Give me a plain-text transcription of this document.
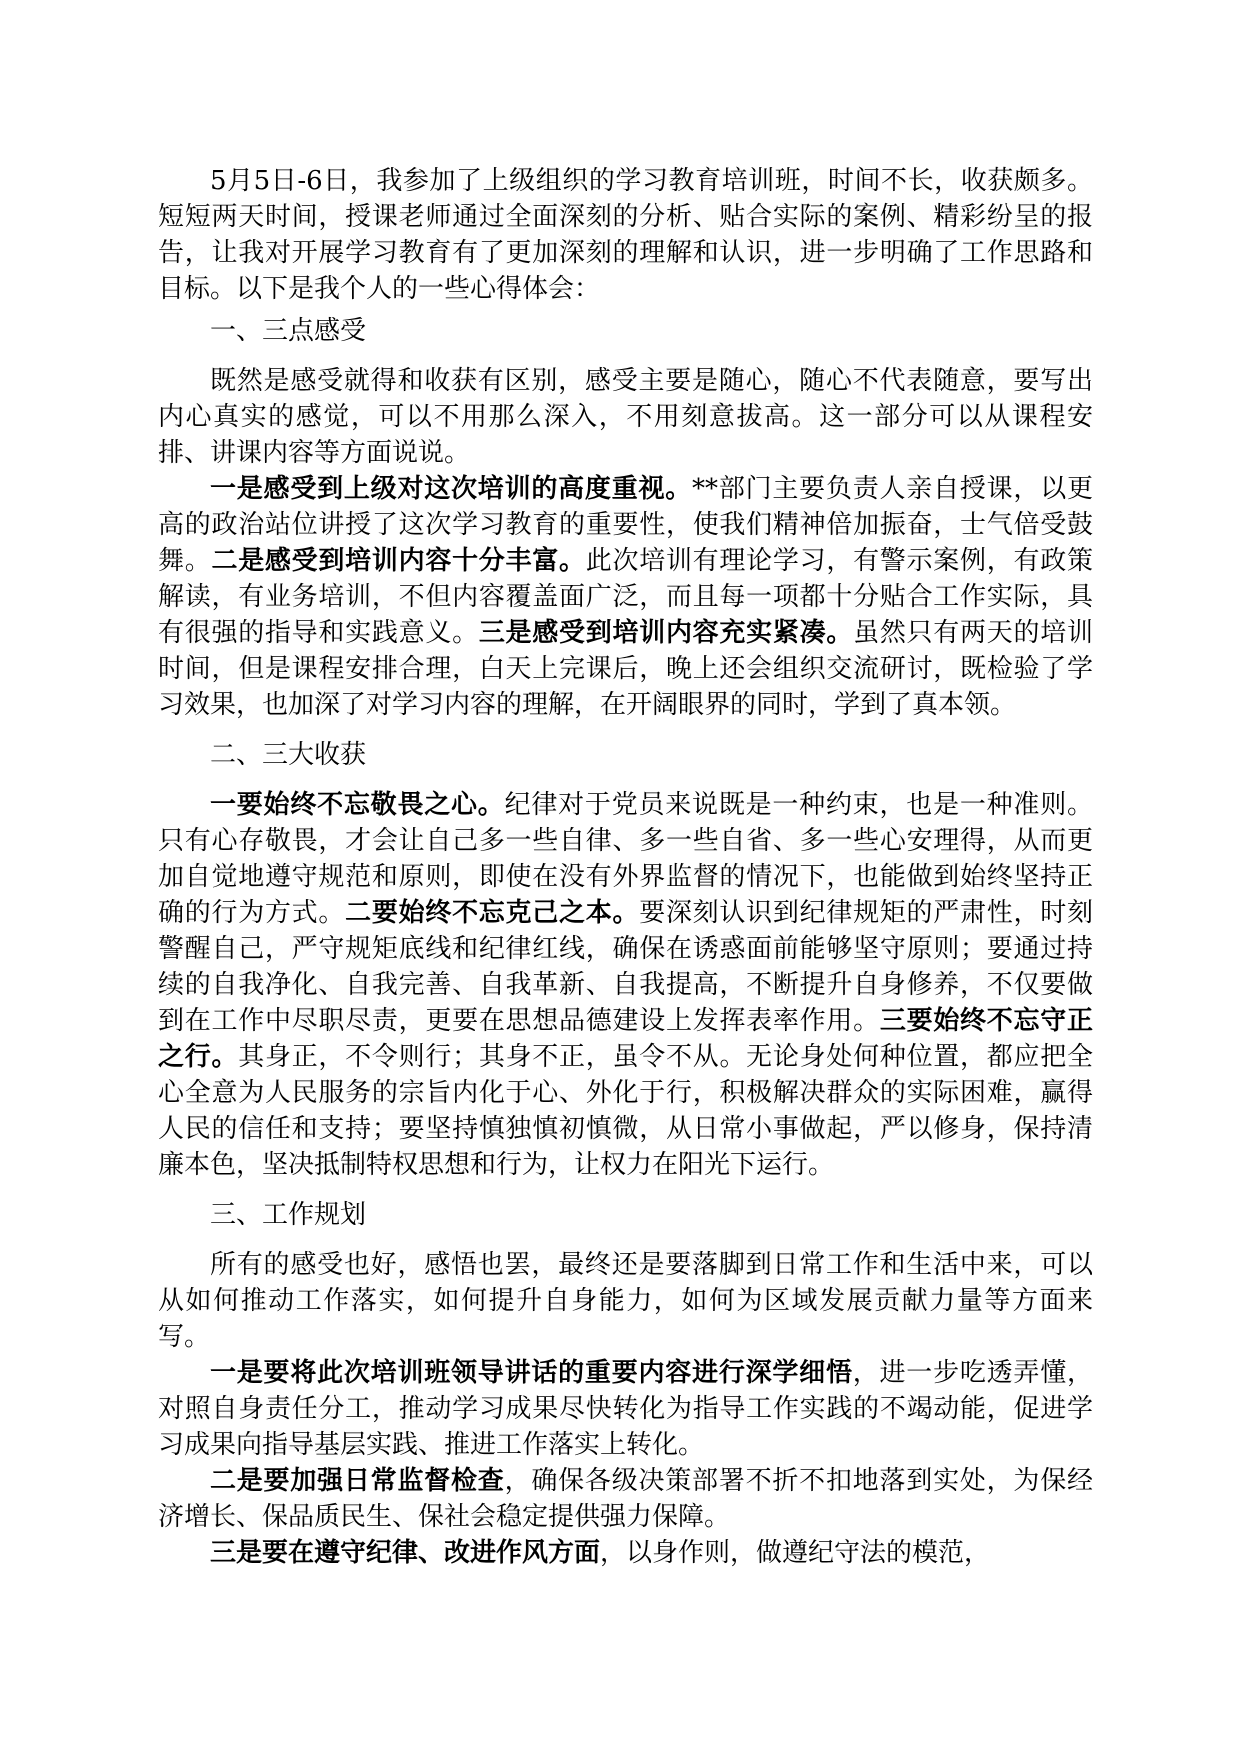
5月5日-6日，我参加了上级组织的学习教育培训班，时间不长，收获颇多。短短两天时间，授课老师通过全面深刻的分析、贴合实际的案例、精彩纷呈的报告，让我对开展学习教育有了更加深刻的理解和认识，进一步明确了工作思路和目标。以下是我个人的一些心得体会：

一、三点感受

既然是感受就得和收获有区别，感受主要是随心，随心不代表随意，要写出内心真实的感觉，可以不用那么深入，不用刻意拔高。这一部分可以从课程安排、讲课内容等方面说说。

一是感受到上级对这次培训的高度重视。**部门主要负责人亲自授课，以更高的政治站位讲授了这次学习教育的重要性，使我们精神倍加振奋，士气倍受鼓舞。二是感受到培训内容十分丰富。此次培训有理论学习，有警示案例，有政策解读，有业务培训，不但内容覆盖面广泛，而且每一项都十分贴合工作实际，具有很强的指导和实践意义。三是感受到培训内容充实紧凑。虽然只有两天的培训时间，但是课程安排合理，白天上完课后，晚上还会组织交流研讨，既检验了学习效果，也加深了对学习内容的理解，在开阔眼界的同时，学到了真本领。

二、三大收获

一要始终不忘敬畏之心。纪律对于党员来说既是一种约束，也是一种准则。只有心存敬畏，才会让自己多一些自律、多一些自省、多一些心安理得，从而更加自觉地遵守规范和原则，即使在没有外界监督的情况下，也能做到始终坚持正确的行为方式。二要始终不忘克己之本。要深刻认识到纪律规矩的严肃性，时刻警醒自己，严守规矩底线和纪律红线，确保在诱惑面前能够坚守原则；要通过持续的自我净化、自我完善、自我革新、自我提高，不断提升自身修养，不仅要做到在工作中尽职尽责，更要在思想品德建设上发挥表率作用。三要始终不忘守正之行。其身正，不令则行；其身不正，虽令不从。无论身处何种位置，都应把全心全意为人民服务的宗旨内化于心、外化于行，积极解决群众的实际困难，赢得人民的信任和支持；要坚持慎独慎初慎微，从日常小事做起，严以修身，保持清廉本色，坚决抵制特权思想和行为，让权力在阳光下运行。

三、工作规划

所有的感受也好，感悟也罢，最终还是要落脚到日常工作和生活中来，可以从如何推动工作落实，如何提升自身能力，如何为区域发展贡献力量等方面来写。

一是要将此次培训班领导讲话的重要内容进行深学细悟，进一步吃透弄懂，对照自身责任分工，推动学习成果尽快转化为指导工作实践的不竭动能，促进学习成果向指导基层实践、推进工作落实上转化。

二是要加强日常监督检查，确保各级决策部署不折不扣地落到实处，为保经济增长、保品质民生、保社会稳定提供强力保障。

三是要在遵守纪律、改进作风方面，以身作则，做遵纪守法的模范，
